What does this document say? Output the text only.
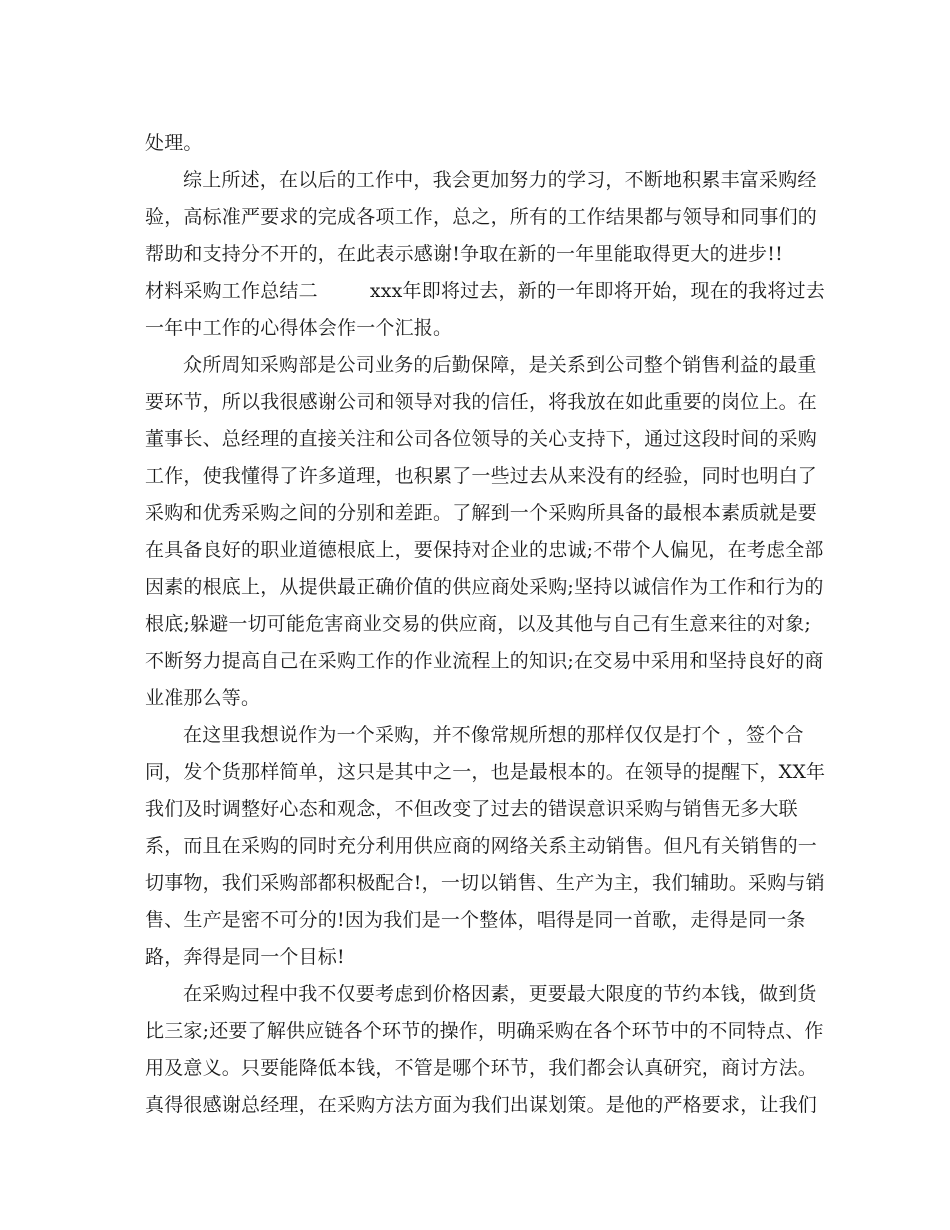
处理。
综上所述，在以后的工作中，我会更加努力的学习，不断地积累丰富采购经
验，高标准严要求的完成各项工作，总之，所有的工作结果都与领导和同事们的
帮助和支持分不开的，在此表示感谢!争取在新的一年里能取得更大的进步!!
材料采购工作总结二	xxx年即将过去，新的一年即将开始，现在的我将过去
一年中工作的心得体会作一个汇报。
众所周知采购部是公司业务的后勤保障，是关系到公司整个销售利益的最重
要环节，所以我很感谢公司和领导对我的信任，将我放在如此重要的岗位上。在
董事长、总经理的直接关注和公司各位领导的关心支持下，通过这段时间的采购
工作，使我懂得了许多道理，也积累了一些过去从来没有的经验，同时也明白了
采购和优秀采购之间的分别和差距。了解到一个采购所具备的最根本素质就是要
在具备良好的职业道德根底上，要保持对企业的忠诚;不带个人偏见，在考虑全部
因素的根底上，从提供最正确价值的供应商处采购;坚持以诚信作为工作和行为的
根底;躲避一切可能危害商业交易的供应商，以及其他与自己有生意来往的对象;
不断努力提高自己在采购工作的作业流程上的知识;在交易中采用和坚持良好的商
业准那么等。
在这里我想说作为一个采购，并不像常规所想的那样仅仅是打个 ，签个合
同，发个货那样简单，这只是其中之一，也是最根本的。在领导的提醒下，XX年
我们及时调整好心态和观念，不但改变了过去的错误意识采购与销售无多大联
系，而且在采购的同时充分利用供应商的网络关系主动销售。但凡有关销售的一
切事物，我们采购部都积极配合!，一切以销售、生产为主，我们辅助。采购与销
售、生产是密不可分的!因为我们是一个整体，唱得是同一首歌，走得是同一条
路，奔得是同一个目标!
在采购过程中我不仅要考虑到价格因素，更要最大限度的节约本钱，做到货
比三家;还要了解供应链各个环节的操作，明确采购在各个环节中的不同特点、作
用及意义。只要能降低本钱，不管是哪个环节，我们都会认真研究，商讨方法。
真得很感谢总经理，在采购方法方面为我们出谋划策。是他的严格要求，让我们
